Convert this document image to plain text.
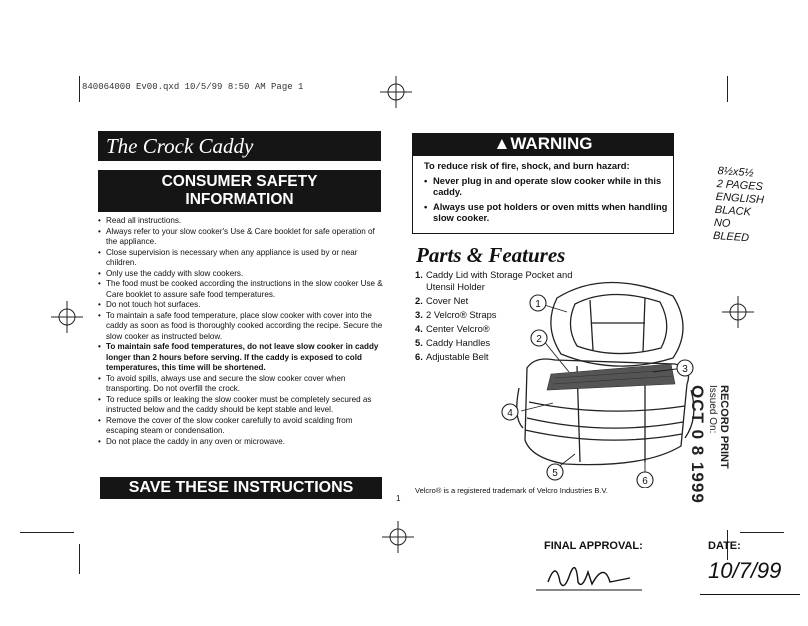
840064000 Ev00.qxd 10/5/99 8:50 AM Page 1
The Crock Caddy
CONSUMER SAFETY
INFORMATION
• Read all instructions.
• Always refer to your slow cooker's Use & Care booklet for safe operation of the appliance.
• Close supervision is necessary when any appliance is used by or near children.
• Only use the caddy with slow cookers.
• The food must be cooked according the instructions in the slow cooker Use & Care booklet to assure safe food temperatures.
• Do not touch hot surfaces.
• To maintain a safe food temperature, place slow cooker with cover into the caddy as soon as food is thoroughly cooked according the recipe. Secure the slow cooker as instructed below.
• To maintain safe food temperatures, do not leave slow cooker in caddy longer than 2 hours before serving. If the caddy is exposed to cold temperatures, this time will be shortened.
• To avoid spills, always use and secure the slow cooker cover when transporting. Do not overfill the crock.
• To reduce spills or leaking the slow cooker must be completely secured as instructed below and the caddy should be kept stable and level.
• Remove the cover of the slow cooker carefully to avoid scalding from escaping steam or condensation.
• Do not place the caddy in any oven or microwave.
SAVE THESE INSTRUCTIONS
1
▲WARNING
To reduce risk of fire, shock, and burn hazard:
• Never plug in and operate slow cooker while in this caddy.
• Always use pot holders or oven mitts when handling slow cooker.
Parts & Features
1. Caddy Lid with Storage Pocket and Utensil Holder
2. Cover Net
3. 2 Velcro® Straps
4. Center Velcro®
5. Caddy Handles
6. Adjustable Belt
1
2
3
4
5
6
Velcro® is a registered trademark of Velcro Industries B.V.
8½x5½
2 PAGES
ENGLISH
BLACK
NO
BLEED
RECORD PRINT
Issued On:
OCT 0 8 1999
FINAL APPROVAL:	DATE:
10/7/99
